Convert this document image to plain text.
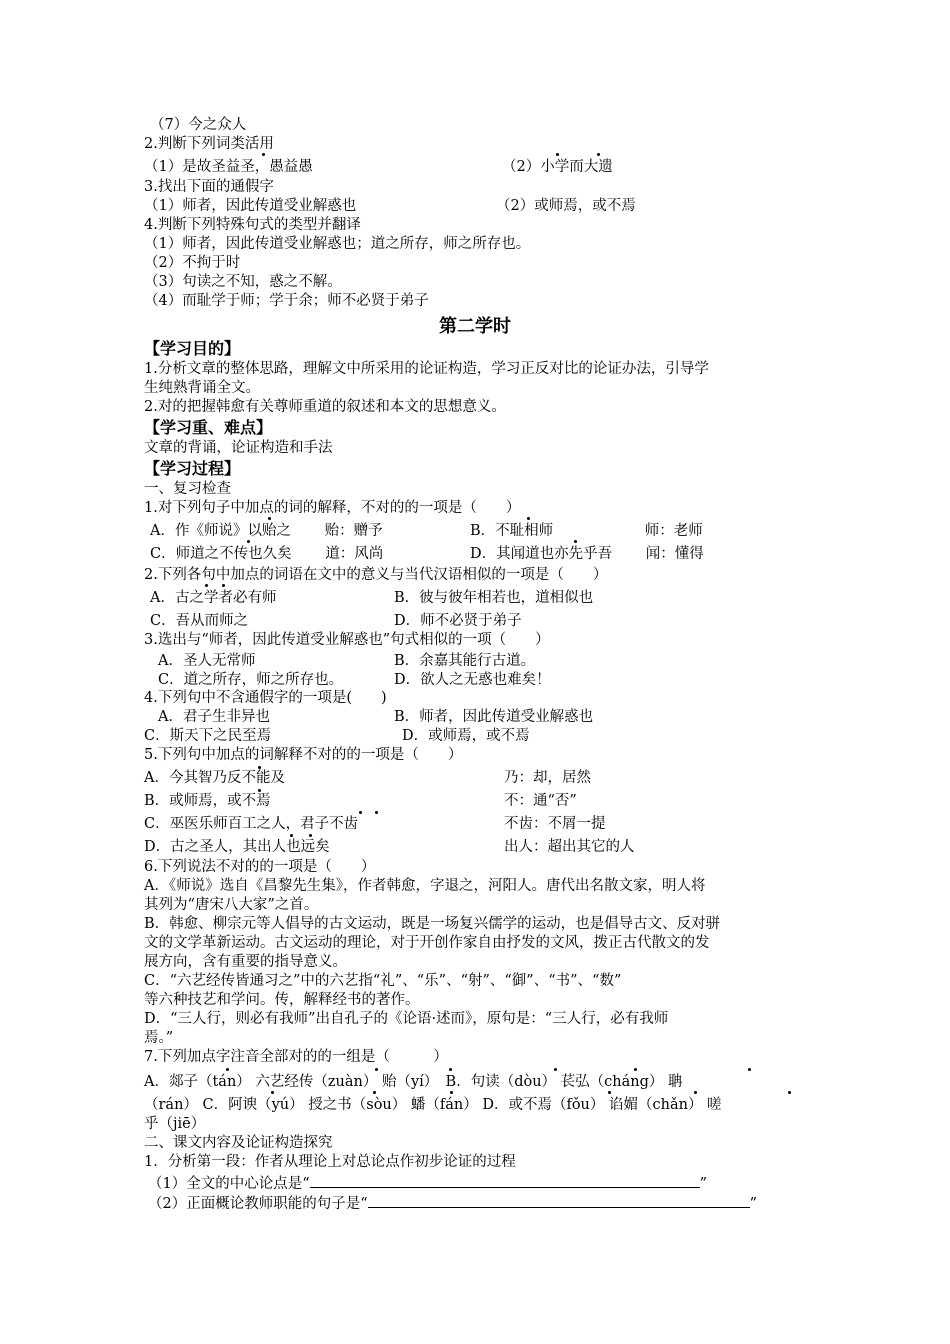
（7）今之众人
2.判断下列词类活用
（1）是故圣益圣，愚益愚	（2）小学而大遗
3.找出下面的通假字
（1）师者，因此传道受业解惑也	（2）或师焉，或不焉
4.判断下列特殊句式的类型并翻译
（1）师者，因此传道受业解惑也；道之所存，师之所存也。
（2）不拘于时
（3）句读之不知，惑之不解。
（4）而耻学于师；学于余；师不必贤于弟子
第二学时
【学习目的】
1.分析文章的整体思路，理解文中所采用的论证构造，学习正反对比的论证办法，引导学
生纯熟背诵全文。
2.对的把握韩愈有关尊师重道的叙述和本文的思想意义。
【学习重、难点】
文章的背诵，论证构造和手法
【学习过程】
一、复习检查
1.对下列句子中加点的词的解释，不对的的一项是（　　）
A．作《师说》以贻之　　 贻：赠予	B．不耻相师　　　　　　 师：老师
C．师道之不传也久矣　　 道：风尚	D．其闻道也亦先乎吾　　 闻：懂得
2.下列各句中加点的词语在文中的意义与当代汉语相似的一项是（　　）
A．古之学者必有师	B．彼与彼年相若也，道相似也
C．吾从而师之	D．师不必贤于弟子
3.选出与“师者，因此传道受业解惑也”句式相似的一项（　　）
A．圣人无常师	B．余嘉其能行古道。
C．道之所存，师之所存也。	D．欲人之无惑也难矣！
4.下列句中不含通假字的一项是(　　)
A．君子生非异也	B．师者，因此传道受业解惑也
C．斯天下之民至焉	D．或师焉，或不焉
5.下列句中加点的词解释不对的的一项是（　　）
A．今其智乃反不能及	乃：却，居然
B．或师焉，或不焉	不：通“否”
C．巫医乐师百工之人，君子不齿	不齿：不屑一提
D．古之圣人，其出人也远矣	出人：超出其它的人
6.下列说法不对的的一项是（　　）
A．《师说》选自《昌黎先生集》，作者韩愈，字退之，河阳人。唐代出名散文家，明人将
其列为“唐宋八大家”之首。
B．韩愈、柳宗元等人倡导的古文运动，既是一场复兴儒学的运动，也是倡导古文、反对骈
文的文学革新运动。古文运动的理论，对于开创作家自由抒发的文风，拨正古代散文的发
展方向，含有重要的指导意义。
C．“六艺经传皆通习之”中的六艺指“礼”、“乐”、“射”、“御”、“书”、“数”
等六种技艺和学问。传，解释经书的著作。
D．“三人行，则必有我师”出自孔子的《论语·述而》，原句是：“三人行，必有我师
焉。”
7.下列加点字注音全部对的的一组是（　　　）
A．郯子（tán） 六艺经传（zuàn） 贻（yí）　B．句读（dòu） 苌弘（cháng） 聃
（rán） C．阿谀（yú） 授之书（sòu） 蟠（fán） D．或不焉（fǒu） 谄媚（chǎn） 嗟
乎（jiē）
二、课文内容及论证构造探究
1．分析第一段：作者从理论上对总论点作初步论证的过程
（1）全文的中心论点是“	”
（2）正面概论教师职能的句子是“	”
